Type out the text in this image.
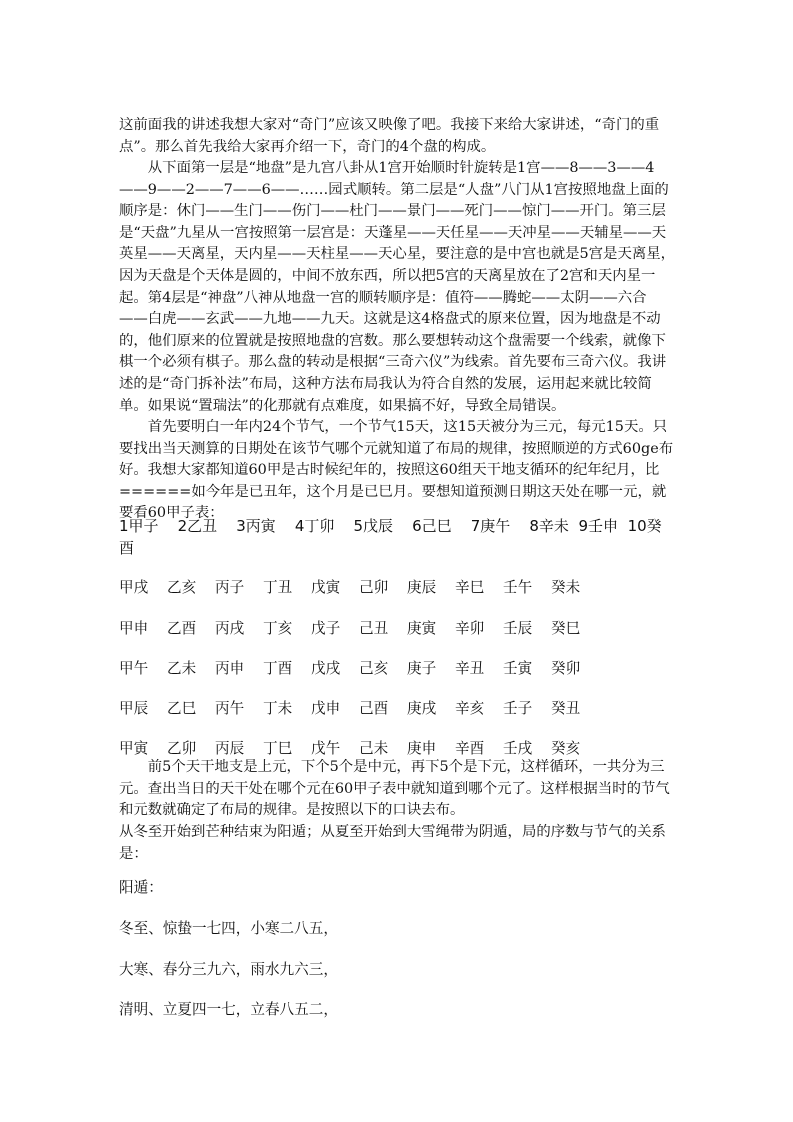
这前面我的讲述我想大家对“奇门”应该又映像了吧。我接下来给大家讲述，“奇门的重点”。那么首先我给大家再介绍一下，奇门的4个盘的构成。

　　从下面第一层是“地盘”是九宫八卦从1宫开始顺时针旋转是1宫——8——3——4——9——2——7——6——……园式顺转。第二层是“人盘”八门从1宫按照地盘上面的顺序是：休门——生门——伤门——杜门——景门——死门——惊门——开门。第三层是“天盘”九星从一宫按照第一层宫是：天蓬星——天任星——天冲星——天辅星——天英星——天离星，天内星——天柱星——天心星，要注意的是中宫也就是5宫是天离星，因为天盘是个天体是圆的，中间不放东西，所以把5宫的天离星放在了2宫和天内星一起。第4层是“神盘”八神从地盘一宫的顺转顺序是：值符——腾蛇——太阴——六合——白虎——玄武——九地——九天。这就是这4格盘式的原来位置，因为地盘是不动的，他们原来的位置就是按照地盘的宫数。那么要想转动这个盘需要一个线索，就像下棋一个必须有棋子。那么盘的转动是根据“三奇六仪”为线索。首先要布三奇六仪。我讲述的是“奇门拆补法”布局，这种方法布局我认为符合自然的发展，运用起来就比较简单。如果说“置瑞法”的化那就有点难度，如果搞不好，导致全局错误。

　　首先要明白一年内24个节气，一个节气15天，这15天被分为三元，每元15天。只要找出当天测算的日期处在该节气哪个元就知道了布局的规律，按照顺逆的方式60ge布好。我想大家都知道60甲是古时候纪年的，按照这60组天干地支循环的纪年纪月，比======如今年是已丑年，这个月是已巳月。要想知道预测日期这天处在哪一元，就要看60甲子表：

1甲子 2乙丑 3丙寅 4丁卯 5戊辰 6己巳 7庚午 8辛未 9壬申 10癸酉
甲戌 乙亥 丙子 丁丑 戊寅 己卯 庚辰 辛巳 壬午 癸未
甲申 乙酉 丙戌 丁亥 戊子 己丑 庚寅 辛卯 壬辰 癸巳
甲午 乙未 丙申 丁酉 戊戌 己亥 庚子 辛丑 壬寅 癸卯
甲辰 乙巳 丙午 丁未 戊申 己酉 庚戌 辛亥 壬子 癸丑
甲寅 乙卯 丙辰 丁巳 戊午 己未 庚申 辛酉 壬戌 癸亥

　　前5个天干地支是上元，下个5个是中元，再下5个是下元，这样循环，一共分为三元。查出当日的天干处在哪个元在60甲子表中就知道到哪个元了。这样根据当时的节气和元数就确定了布局的规律。是按照以下的口诀去布。

从冬至开始到芒种结束为阳遁；从夏至开始到大雪绳带为阴遁，局的序数与节气的关系是：

阳遁：

冬至、惊蛰一七四，小寒二八五，

大寒、春分三九六，雨水九六三，

清明、立夏四一七，立春八五二，
